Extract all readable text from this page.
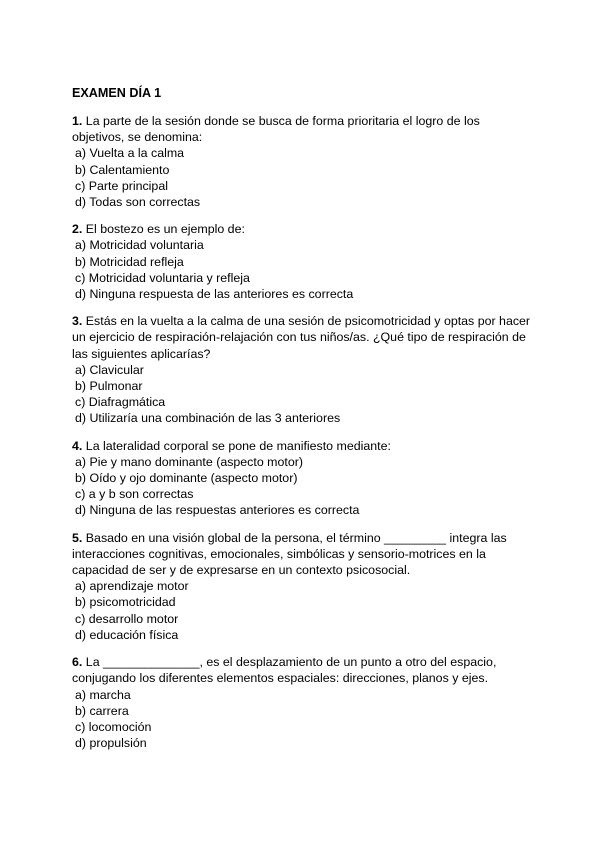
EXAMEN DÍA 1

1. La parte de la sesión donde se busca de forma prioritaria el logro de los objetivos, se denomina:

a) Vuelta a la calma
b) Calentamiento
c) Parte principal
d) Todas son correctas

2. El bostezo es un ejemplo de:

a) Motricidad voluntaria
b) Motricidad refleja
c) Motricidad voluntaria y refleja
d) Ninguna respuesta de las anteriores es correcta

3. Estás en la vuelta a la calma de una sesión de psicomotricidad y optas por hacer un ejercicio de respiración-relajación con tus niños/as. ¿Qué tipo de respiración de las siguientes aplicarías?

a) Clavicular
b) Pulmonar
c) Diafragmática
d) Utilizaría una combinación de las 3 anteriores

4. La lateralidad corporal se pone de manifiesto mediante:

a) Pie y mano dominante (aspecto motor)
b) Oído y ojo dominante (aspecto motor)
c) a y b son correctas
d) Ninguna de las respuestas anteriores es correcta

5. Basado en una visión global de la persona, el término _________ integra las interacciones cognitivas, emocionales, simbólicas y sensorio-motrices en la capacidad de ser y de expresarse en un contexto psicosocial.

a) aprendizaje motor
b) psicomotricidad
c) desarrollo motor
d) educación física

6. La ______________, es el desplazamiento de un punto a otro del espacio, conjugando los diferentes elementos espaciales: direcciones, planos y ejes.

a) marcha
b) carrera
c) locomoción
d) propulsión
